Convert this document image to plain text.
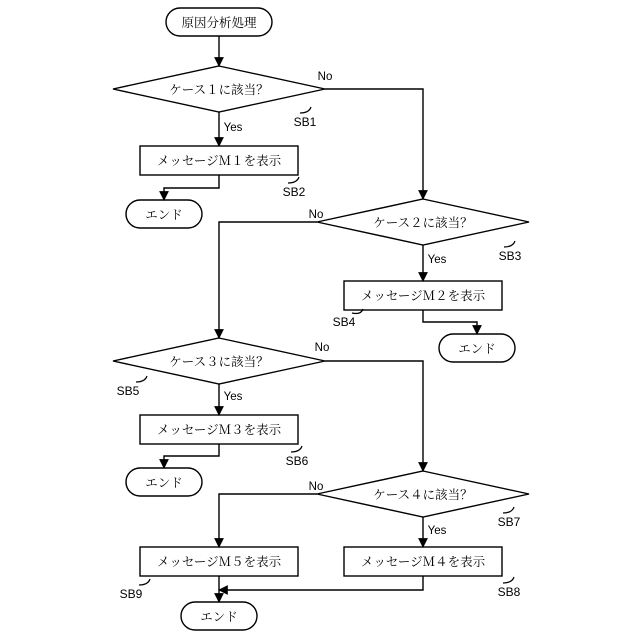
原因分析処理
ケース１に該当？
メッセージＭ１を表示
エンド
ケース２に該当？
メッセージＭ２を表示
エンド
ケース３に該当？
メッセージＭ３を表示
エンド
ケース４に該当？
メッセージＭ５を表示	メッセージＭ４を表示
エンド
No
Yes
No
Yes
No
Yes
No
Yes
SB1
SB2
SB3
SB4
SB5
SB6
SB7
SB8
SB9
